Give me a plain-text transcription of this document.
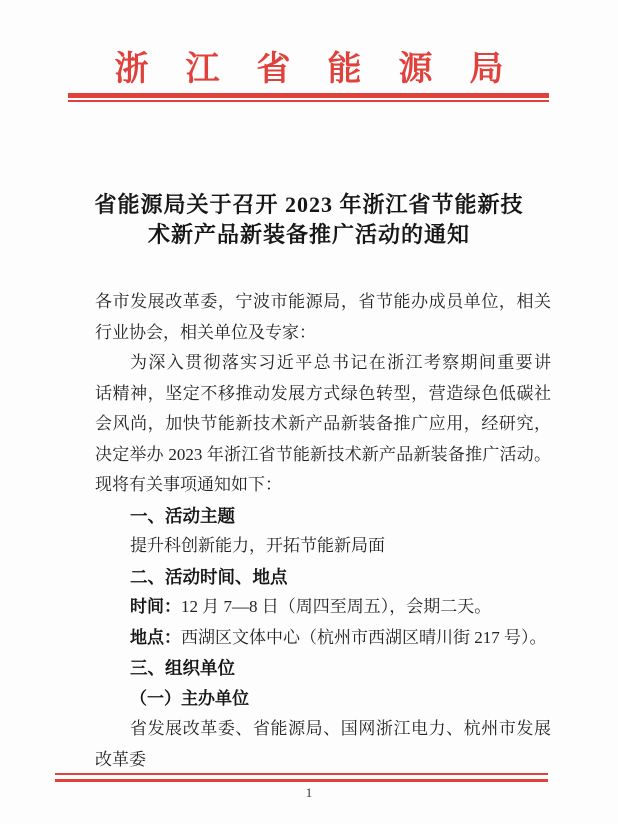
浙江省能源局
省能源局关于召开 2023 年浙江省节能新技
术新产品新装备推广活动的通知
各市发展改革委，宁波市能源局，省节能办成员单位，相关
行业协会，相关单位及专家：
为深入贯彻落实习近平总书记在浙江考察期间重要讲
话精神，坚定不移推动发展方式绿色转型，营造绿色低碳社
会风尚，加快节能新技术新产品新装备推广应用，经研究，
决定举办 2023 年浙江省节能新技术新产品新装备推广活动。
现将有关事项通知如下：
一、活动主题
提升科创新能力，开拓节能新局面
二、活动时间、地点
时间：12 月 7—8 日（周四至周五），会期二天。
地点：西湖区文体中心（杭州市西湖区晴川街 217 号）。
三、组织单位
（一）主办单位
省发展改革委、省能源局、国网浙江电力、杭州市发展
改革委
1
